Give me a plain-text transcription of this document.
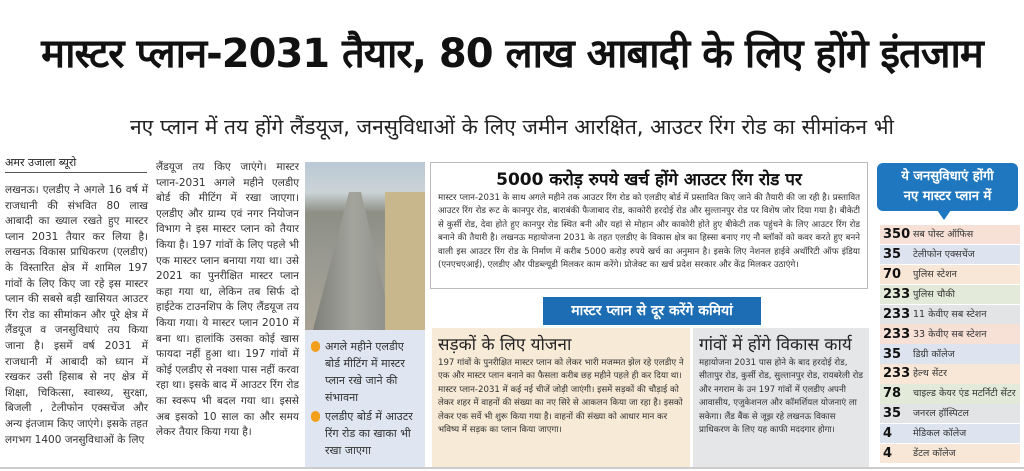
मास्टर प्लान-2031 तैयार, 80 लाख आबादी के लिए होंगे इंतजाम
नए प्लान में तय होंगे लैंडयूज, जनसुविधाओं के लिए जमीन आरक्षित, आउटर रिंग रोड का सीमांकन भी
अमर उजाला ब्यूरो

लखनऊ। एलडीए ने अगले 16 वर्ष में राजधानी की संभवित 80 लाख आबादी का ख्याल रखते हुए मास्टर प्लान 2031 तैयार कर लिया है। लखनऊ विकास प्राधिकरण (एलडीए) के विस्तारित क्षेत्र में शामिल 197 गांवों के लिए किए जा रहे इस मास्टर प्लान की सबसे बड़ी खासियत आउटर रिंग रोड का सीमांकन और पूरे क्षेत्र में लैंडयूज व जनसुविधाएं तय किया जाना है। इसमें वर्ष 2031 में राजधानी में आबादी को ध्यान में रखकर उसी हिसाब से नए क्षेत्र में शिक्षा, चिकित्सा, स्वास्थ्य, सुरक्षा, बिजली , टेलीफोन एक्सचेंज और अन्य इंतजाम किए जाएंगे। इसके तहत लगभग 1400 जनसुविधाओं के लिए

लैंडयूज तय किए जाएंगे। मास्टर प्लान-2031 अगले महीने एलडीए बोर्ड की मीटिंग में रखा जाएगा। एलडीए और ग्राम्य एवं नगर नियोजन विभाग ने इस मास्टर प्लान को तैयार किया है। 197 गांवों के लिए पहले भी एक मास्टर प्लान बनाया गया था। उसे 2021 का पुनरीक्षित मास्टर प्लान कहा गया था, लेकिन तब सिर्फ दो हाईटेक टाउनशिप के लिए लैंडयूज तय किया गया। ये मास्टर प्लान 2010 में बना था। हालांकि उसका कोई खास फायदा नहीं हुआ था। 197 गांवों में कोई एलडीए से नक्शा पास नहीं करवा रहा था। इसके बाद में आउटर रिंग रोड का स्वरूप भी बदल गया था। इससे अब इसको 10 साल का और समय लेकर तैयार किया गया है।

अगले महीने एलडीए बोर्ड मीटिंग में मास्टर प्लान रखे जाने की संभावना
एलडीए बोर्ड में आउटर रिंग रोड का खाका भी रखा जाएगा
5000 करोड़ रुपये खर्च होंगे आउटर रिंग रोड पर

मास्टर प्लान-2031 के साथ अगले महीने तक आउटर रिंग रोड को एलडीए बोर्ड में प्रस्तावित किए जाने की तैयारी की जा रही है। प्रस्तावित आउटर रिंग रोड रूट के कानपुर रोड, बाराबंकी फैजाबाद रोड, काकोरी हरदोई रोड और सुल्तानपुर रोड पर विशेष जोर दिया गया है। बीकेटी से कुर्सी रोड, देवा होते हुए कानपुर रोड स्थित बनी और यहां से मोहान और काकोरी होते हुए बीकेटी तक पहुंचने के लिए आउटर रिंग रोड बनाने की तैयारी है। लखनऊ महायोजना 2031 के तहत एलडीए के विकास क्षेत्र का हिस्सा बनाए गए नौ ब्लॉकों को कवर करते हुए बनने वाली इस आउटर रिंग रोड के निर्माण में करीब 5000 करोड़ रुपये खर्च का अनुमान है। इसके लिए नेशनल हाईवे अथॉरिटी ऑफ इंडिया (एनएचएआई), एलडीए और पीडब्ल्यूडी मिलकर काम करेंगे। प्रोजेक्ट का खर्च प्रदेश सरकार और केंद्र मिलकर उठाएंगे।

मास्टर प्लान से दूर करेंगे कमियां
सड़कों के लिए योजना

197 गांवों के पुनरीक्षित मास्टर प्लान को लेकर भारी मजम्मत झेल रहे एलडीए ने एक और मास्टर प्लान बनाने का फैसला करीब छह महीने पहले ही कर दिया था। मास्टर प्लान-2031 में कई नई चीजें जोड़ी जाएंगी। इसमें सड़कों की चौड़ाई को लेकर शहर में वाहनों की संख्या का नए सिरे से आकलन किया जा रहा है। इसको लेकर एक सर्वे भी शुरू किया गया है। वाहनों की संख्या को आधार मान कर भविष्य में सड़क का प्लान किया जाएगा।

गांवों में होंगे विकास कार्य

महायोजना 2031 पास होने के बाद हरदोई रोड, सीतापुर रोड, कुर्सी रोड, सुल्तानपुर रोड, रायबरेली रोड और नगराम के उन 197 गांवों में एलडीए अपनी आवासीय, एजुकेशनल और कॉमर्शियल योजनाएं ला सकेगा। लैंड बैंक से जूझ रहे लखनऊ विकास प्राधिकरण के लिए यह काफी मददगार होगा।

ये जनसुविधाएं होंगी
नए मास्टर प्लान में
350 सब पोस्ट ऑफिस
35	टेलीफोन एक्सचेंज
70	पुलिस स्टेशन
233 पुलिस चौकी
233 11 केवीए सब स्टेशन
233 33 केवीए सब स्टेशन
35	डिग्री कॉलेज
233 हेल्थ सेंटर
78	चाइल्ड केयर एंड मटर्निटी सेंटर
35	जनरल हॉस्पिटल
4	मेडिकल कॉलेज
4	डेंटल कॉलेज
